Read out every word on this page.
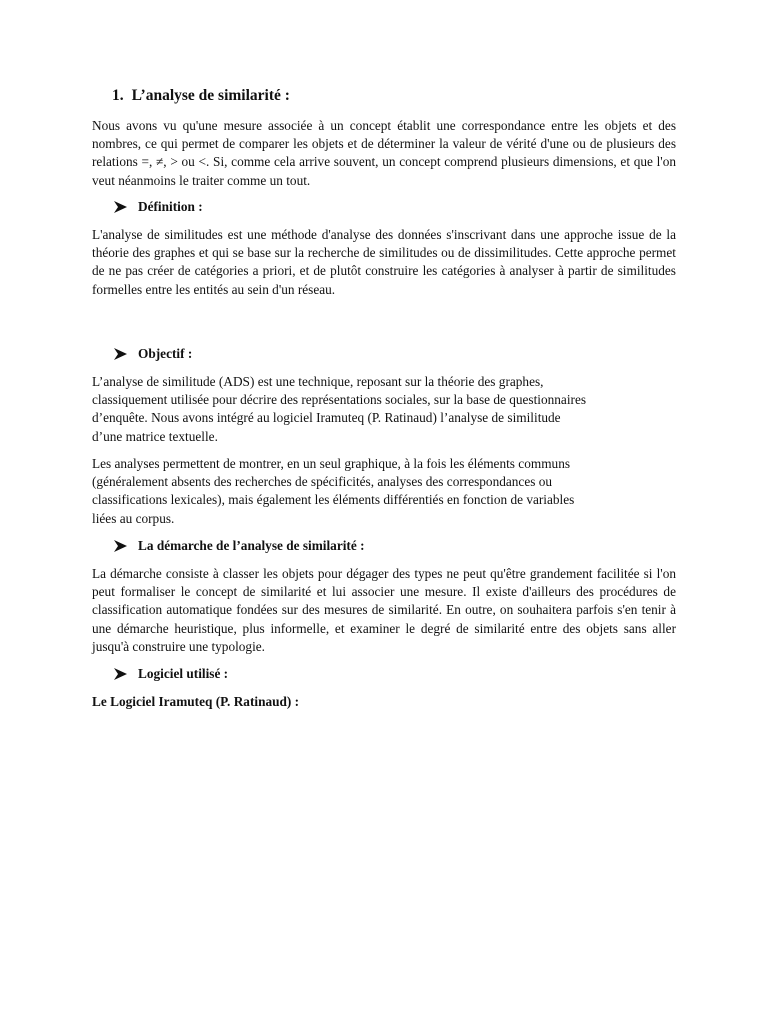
1. L’analyse de similarité :

Nous avons vu qu'une mesure associée à un concept établit une correspondance entre les objets et des nombres, ce qui permet de comparer les objets et de déterminer la valeur de vérité d'une ou de plusieurs des relations =, ≠, > ou <. Si, comme cela arrive souvent, un concept comprend plusieurs dimensions, et que l'on veut néanmoins le traiter comme un tout.

Définition :

L'analyse de similitudes est une méthode d'analyse des données s'inscrivant dans une approche issue de la théorie des graphes et qui se base sur la recherche de similitudes ou de dissimilitudes. Cette approche permet de ne pas créer de catégories a priori, et de plutôt construire les catégories à analyser à partir de similitudes formelles entre les entités au sein d'un réseau.

Objectif :
L’analyse de similitude (ADS) est une technique, reposant sur la théorie des graphes,
classiquement utilisée pour décrire des représentations sociales, sur la base de questionnaires
d’enquête. Nous avons intégré au logiciel Iramuteq (P. Ratinaud) l’analyse de similitude
d’une matrice textuelle.
Les analyses permettent de montrer, en un seul graphique, à la fois les éléments communs
(généralement absents des recherches de spécificités, analyses des correspondances ou
classifications lexicales), mais également les éléments différentiés en fonction de variables
liées au corpus.
La démarche de l’analyse de similarité :

La démarche consiste à classer les objets pour dégager des types ne peut qu'être grandement facilitée si l'on peut formaliser le concept de similarité et lui associer une mesure. Il existe d'ailleurs des procédures de classification automatique fondées sur des mesures de similarité. En outre, on souhaitera parfois s'en tenir à une démarche heuristique, plus informelle, et examiner le degré de similarité entre des objets sans aller jusqu'à construire une typologie.

Logiciel utilisé :

Le Logiciel Iramuteq (P. Ratinaud) :
